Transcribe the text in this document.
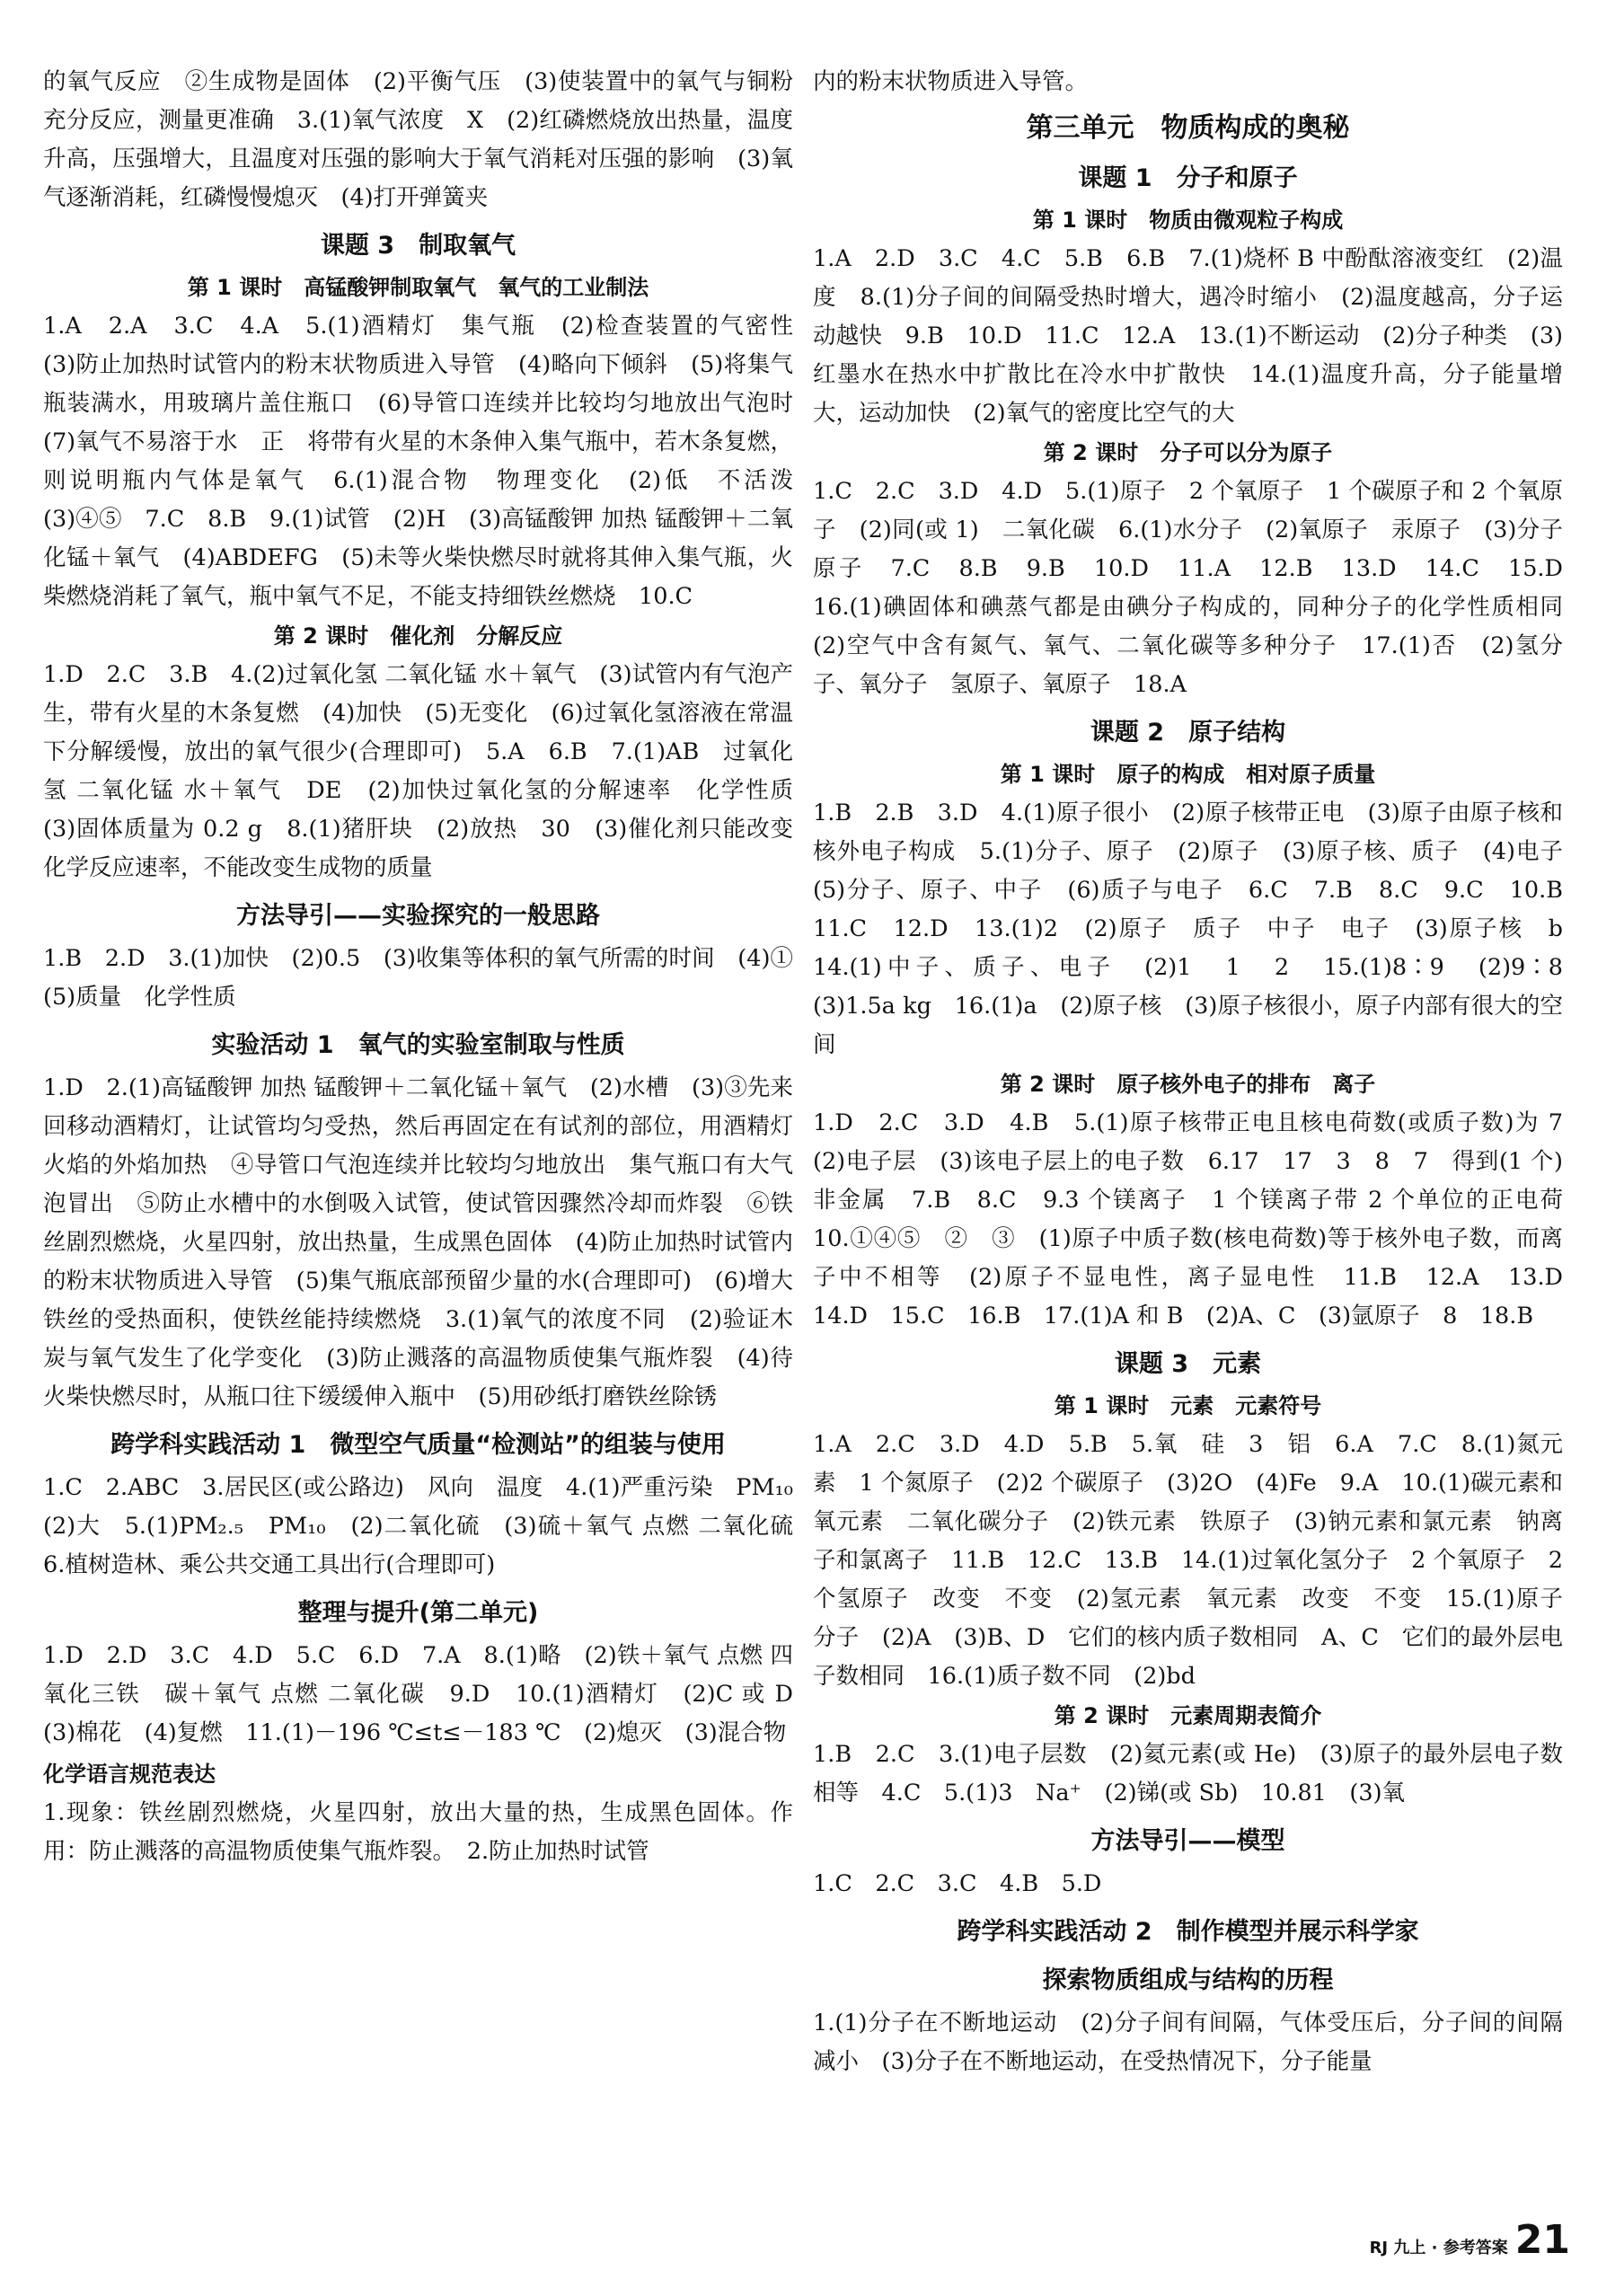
的氧气反应　②生成物是固体　(2)平衡气压　(3)使装置中的氧气与铜粉充分反应，测量更准确　3.(1)氧气浓度　X　(2)红磷燃烧放出热量，温度升高，压强增大，且温度对压强的影响大于氧气消耗对压强的影响　(3)氧气逐渐消耗，红磷慢慢熄灭　(4)打开弹簧夹

课题 3　制取氧气
第 1 课时　高锰酸钾制取氧气　氧气的工业制法

1.A　2.A　3.C　4.A　5.(1)酒精灯　集气瓶　(2)检查装置的气密性　(3)防止加热时试管内的粉末状物质进入导管　(4)略向下倾斜　(5)将集气瓶装满水，用玻璃片盖住瓶口　(6)导管口连续并比较均匀地放出气泡时　(7)氧气不易溶于水　正　将带有火星的木条伸入集气瓶中，若木条复燃，则说明瓶内气体是氧气　6.(1)混合物　物理变化　(2)低　不活泼　(3)④⑤　7.C　8.B　9.(1)试管　(2)H　(3)高锰酸钾 加热 锰酸钾＋二氧化锰＋氧气　(4)ABDEFG　(5)未等火柴快燃尽时就将其伸入集气瓶，火柴燃烧消耗了氧气，瓶中氧气不足，不能支持细铁丝燃烧　10.C

第 2 课时　催化剂　分解反应

1.D　2.C　3.B　4.(2)过氧化氢 二氧化锰 水＋氧气　(3)试管内有气泡产生，带有火星的木条复燃　(4)加快　(5)无变化　(6)过氧化氢溶液在常温下分解缓慢，放出的氧气很少(合理即可)　5.A　6.B　7.(1)AB　过氧化氢 二氧化锰 水＋氧气　DE　(2)加快过氧化氢的分解速率　化学性质　(3)固体质量为 0.2 g　8.(1)猪肝块　(2)放热　30　(3)催化剂只能改变化学反应速率，不能改变生成物的质量

方法导引——实验探究的一般思路

1.B　2.D　3.(1)加快　(2)0.5　(3)收集等体积的氧气所需的时间　(4)①　(5)质量　化学性质

实验活动 1　氧气的实验室制取与性质

1.D　2.(1)高锰酸钾 加热 锰酸钾＋二氧化锰＋氧气　(2)水槽　(3)③先来回移动酒精灯，让试管均匀受热，然后再固定在有试剂的部位，用酒精灯火焰的外焰加热　④导管口气泡连续并比较均匀地放出　集气瓶口有大气泡冒出　⑤防止水槽中的水倒吸入试管，使试管因骤然冷却而炸裂　⑥铁丝剧烈燃烧，火星四射，放出热量，生成黑色固体　(4)防止加热时试管内的粉末状物质进入导管　(5)集气瓶底部预留少量的水(合理即可)　(6)增大铁丝的受热面积，使铁丝能持续燃烧　3.(1)氧气的浓度不同　(2)验证木炭与氧气发生了化学变化　(3)防止溅落的高温物质使集气瓶炸裂　(4)待火柴快燃尽时，从瓶口往下缓缓伸入瓶中　(5)用砂纸打磨铁丝除锈

跨学科实践活动 1　微型空气质量“检测站”的组装与使用

1.C　2.ABC　3.居民区(或公路边)　风向　温度　4.(1)严重污染　PM₁₀　(2)大　5.(1)PM₂.₅　PM₁₀　(2)二氧化硫　(3)硫＋氧气 点燃 二氧化硫　6.植树造林、乘公共交通工具出行(合理即可)

整理与提升(第二单元)

1.D　2.D　3.C　4.D　5.C　6.D　7.A　8.(1)略　(2)铁＋氧气 点燃 四氧化三铁　碳＋氧气 点燃 二氧化碳　9.D　10.(1)酒精灯　(2)C 或 D　(3)棉花　(4)复燃　11.(1)－196 ℃≤t≤－183 ℃　(2)熄灭　(3)混合物

化学语言规范表达

1.现象：铁丝剧烈燃烧，火星四射，放出大量的热，生成黑色固体。作用：防止溅落的高温物质使集气瓶炸裂。　2.防止加热时试管

内的粉末状物质进入导管。

第三单元　物质构成的奥秘
课题 1　分子和原子
第 1 课时　物质由微观粒子构成

1.A　2.D　3.C　4.C　5.B　6.B　7.(1)烧杯 B 中酚酞溶液变红　(2)温度　8.(1)分子间的间隔受热时增大，遇冷时缩小　(2)温度越高，分子运动越快　9.B　10.D　11.C　12.A　13.(1)不断运动　(2)分子种类　(3)红墨水在热水中扩散比在冷水中扩散快　14.(1)温度升高，分子能量增大，运动加快　(2)氧气的密度比空气的大

第 2 课时　分子可以分为原子

1.C　2.C　3.D　4.D　5.(1)原子　2 个氧原子　1 个碳原子和 2 个氧原子　(2)同(或 1)　二氧化碳　6.(1)水分子　(2)氧原子　汞原子　(3)分子　原子　7.C　8.B　9.B　10.D　11.A　12.B　13.D　14.C　15.D　16.(1)碘固体和碘蒸气都是由碘分子构成的，同种分子的化学性质相同　(2)空气中含有氮气、氧气、二氧化碳等多种分子　17.(1)否　(2)氢分子、氧分子　氢原子、氧原子　18.A

课题 2　原子结构
第 1 课时　原子的构成　相对原子质量

1.B　2.B　3.D　4.(1)原子很小　(2)原子核带正电　(3)原子由原子核和核外电子构成　5.(1)分子、原子　(2)原子　(3)原子核、质子　(4)电子　(5)分子、原子、中子　(6)质子与电子　6.C　7.B　8.C　9.C　10.B　11.C　12.D　13.(1)2　(2)原子　质子　中子　电子　(3)原子核　b　14.(1)中子、质子、电子　(2)1　1　2　15.(1)8∶9　(2)9∶8　(3)1.5a kg　16.(1)a　(2)原子核　(3)原子核很小，原子内部有很大的空间

第 2 课时　原子核外电子的排布　离子

1.D　2.C　3.D　4.B　5.(1)原子核带正电且核电荷数(或质子数)为 7　(2)电子层　(3)该电子层上的电子数　6.17　17　3　8　7　得到(1 个)　非金属　7.B　8.C　9.3 个镁离子　1 个镁离子带 2 个单位的正电荷　10.①④⑤　②　③　(1)原子中质子数(核电荷数)等于核外电子数，而离子中不相等　(2)原子不显电性，离子显电性　11.B　12.A　13.D　14.D　15.C　16.B　17.(1)A 和 B　(2)A、C　(3)氩原子　8　18.B

课题 3　元素
第 1 课时　元素　元素符号

1.A　2.C　3.D　4.D　5.B　5.氧　硅　3　铝　6.A　7.C　8.(1)氮元素　1 个氮原子　(2)2 个碳原子　(3)2O　(4)Fe　9.A　10.(1)碳元素和氧元素　二氧化碳分子　(2)铁元素　铁原子　(3)钠元素和氯元素　钠离子和氯离子　11.B　12.C　13.B　14.(1)过氧化氢分子　2 个氧原子　2 个氢原子　改变　不变　(2)氢元素　氧元素　改变　不变　15.(1)原子　分子　(2)A　(3)B、D　它们的核内质子数相同　A、C　它们的最外层电子数相同　16.(1)质子数不同　(2)bd

第 2 课时　元素周期表简介

1.B　2.C　3.(1)电子层数　(2)氦元素(或 He)　(3)原子的最外层电子数相等　4.C　5.(1)3　Na⁺　(2)锑(或 Sb)　10.81　(3)氧

方法导引——模型

1.C　2.C　3.C　4.B　5.D

跨学科实践活动 2　制作模型并展示科学家
探索物质组成与结构的历程

1.(1)分子在不断地运动　(2)分子间有间隔，气体受压后，分子间的间隔减小　(3)分子在不断地运动，在受热情况下，分子能量

RJ 九上 · 参考答案 21
